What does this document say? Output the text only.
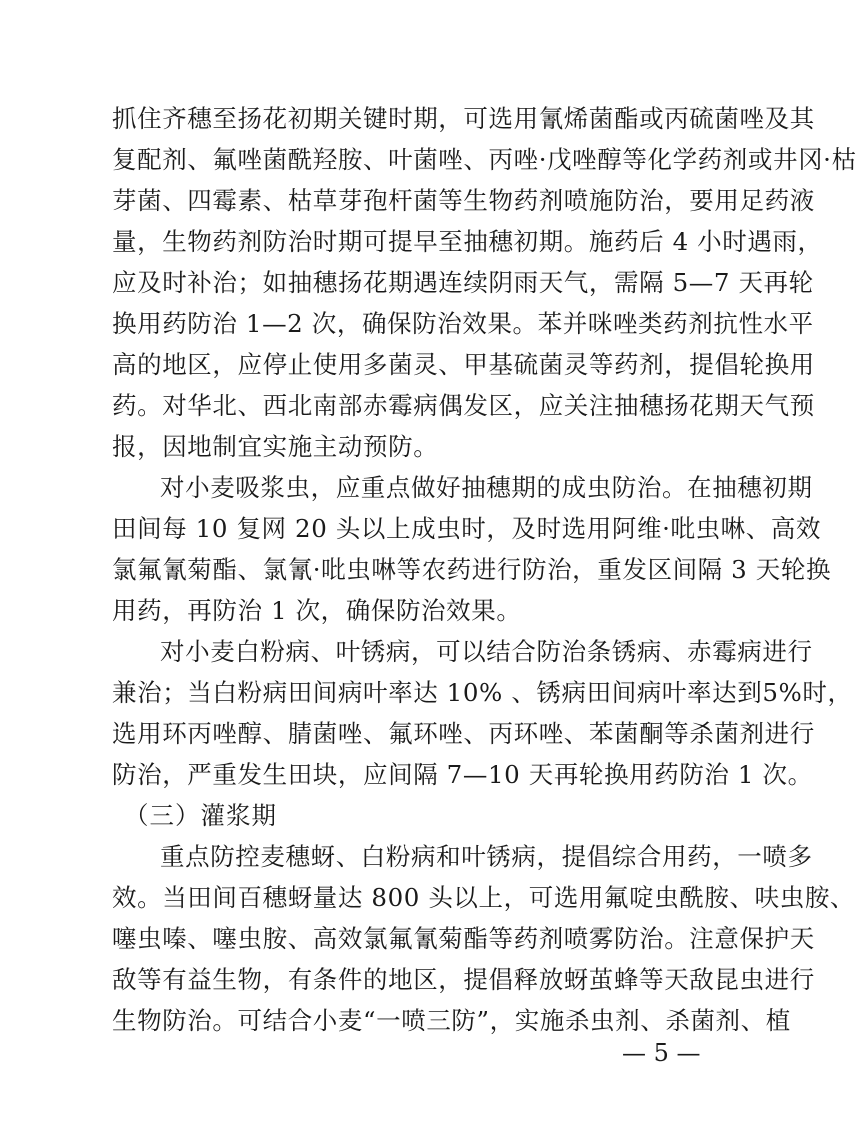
抓住齐穗至扬花初期关键时期，可选用氰烯菌酯或丙硫菌唑及其
复配剂、氟唑菌酰羟胺、叶菌唑、丙唑·戊唑醇等化学药剂或井冈·枯
芽菌、四霉素、枯草芽孢杆菌等生物药剂喷施防治，要用足药液
量，生物药剂防治时期可提早至抽穗初期。施药后 4 小时遇雨，
应及时补治；如抽穗扬花期遇连续阴雨天气，需隔 5—7 天再轮
换用药防治 1—2 次，确保防治效果。苯并咪唑类药剂抗性水平
高的地区，应停止使用多菌灵、甲基硫菌灵等药剂，提倡轮换用
药。对华北、西北南部赤霉病偶发区，应关注抽穗扬花期天气预
报，因地制宜实施主动预防。
对小麦吸浆虫，应重点做好抽穗期的成虫防治。在抽穗初期
田间每 10 复网 20 头以上成虫时，及时选用阿维·吡虫啉、高效
氯氟氰菊酯、氯氰·吡虫啉等农药进行防治，重发区间隔 3 天轮换
用药，再防治 1 次，确保防治效果。
对小麦白粉病、叶锈病，可以结合防治条锈病、赤霉病进行
兼治；当白粉病田间病叶率达 10% 、锈病田间病叶率达到5%时，
选用环丙唑醇、腈菌唑、氟环唑、丙环唑、苯菌酮等杀菌剂进行
防治，严重发生田块，应间隔 7—10 天再轮换用药防治 1 次。
（三）灌浆期
重点防控麦穗蚜、白粉病和叶锈病，提倡综合用药，一喷多
效。当田间百穗蚜量达 800 头以上，可选用氟啶虫酰胺、呋虫胺、
噻虫嗪、噻虫胺、高效氯氟氰菊酯等药剂喷雾防治。注意保护天
敌等有益生物，有条件的地区，提倡释放蚜茧蜂等天敌昆虫进行
生物防治。可结合小麦“一喷三防”，实施杀虫剂、杀菌剂、植
— 5 —
